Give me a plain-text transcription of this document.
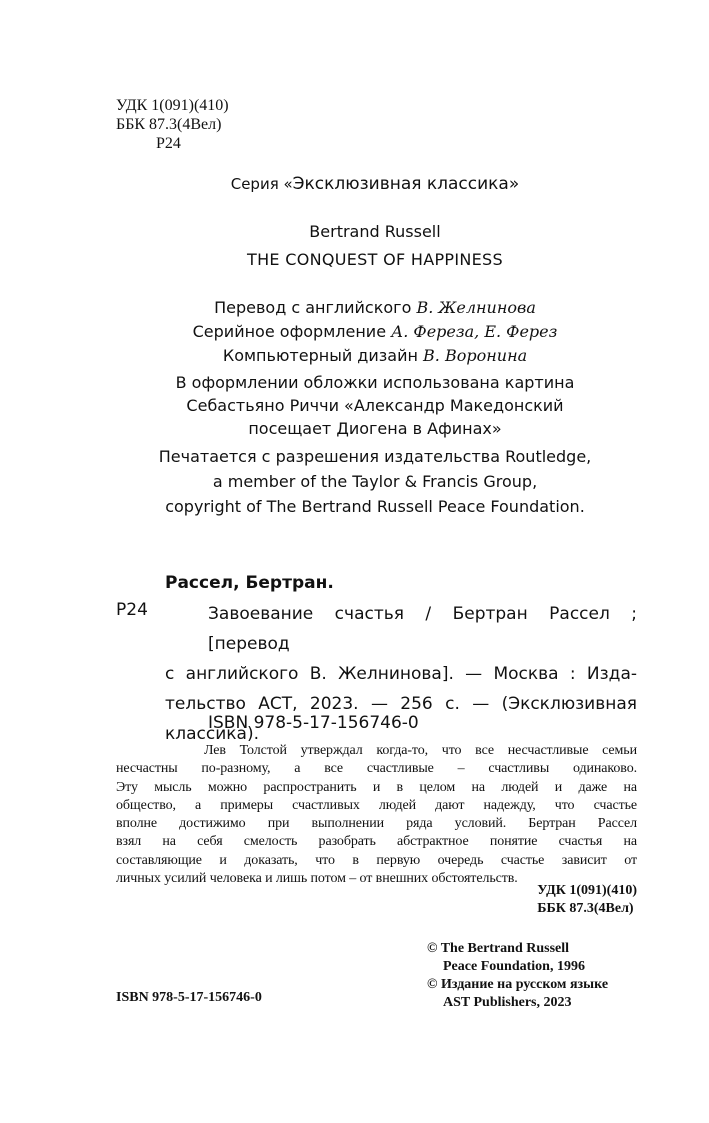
УДК 1(091)(410)
ББК 87.3(4Вел)
Р24
Серия «Эксклюзивная классика»
Bertrand Russell
THE CONQUEST OF HAPPINESS
Перевод с английского В. Желнинова
Серийное оформление А. Фереза, Е. Ферез
Компьютерный дизайн В. Воронина
В оформлении обложки использована картина
Себастьяно Риччи «Александр Македонский
посещает Диогена в Афинах»
Печатается с разрешения издательства Routledge,
a member of the Taylor & Francis Group,
copyright of The Bertrand Russell Peace Foundation.
Рассел, Бертран.
Р24	Завоевание счастья / Бертран Рассел ; [перевод
с английского В. Желнинова]. — Москва : Изда-
тельство АСТ, 2023. — 256 с. — (Эксклюзивная
классика).
ISBN 978-5-17-156746-0
Лев Толстой утверждал когда-то, что все несчастливые семьи
несчастны по-разному, а все счастливые – счастливы одинаково.
Эту мысль можно распространить и в целом на людей и даже на
общество, а примеры счастливых людей дают надежду, что счастье
вполне достижимо при выполнении ряда условий. Бертран Рассел
взял на себя смелость разобрать абстрактное понятие счастья на
составляющие и доказать, что в первую очередь счастье зависит от
личных усилий человека и лишь потом – от внешних обстоятельств.
УДК 1(091)(410)
ББК 87.3(4Вел)
© The Bertrand Russell
Peace Foundation, 1996
© Издание на русском языке
AST Publishers, 2023
ISBN 978-5-17-156746-0
